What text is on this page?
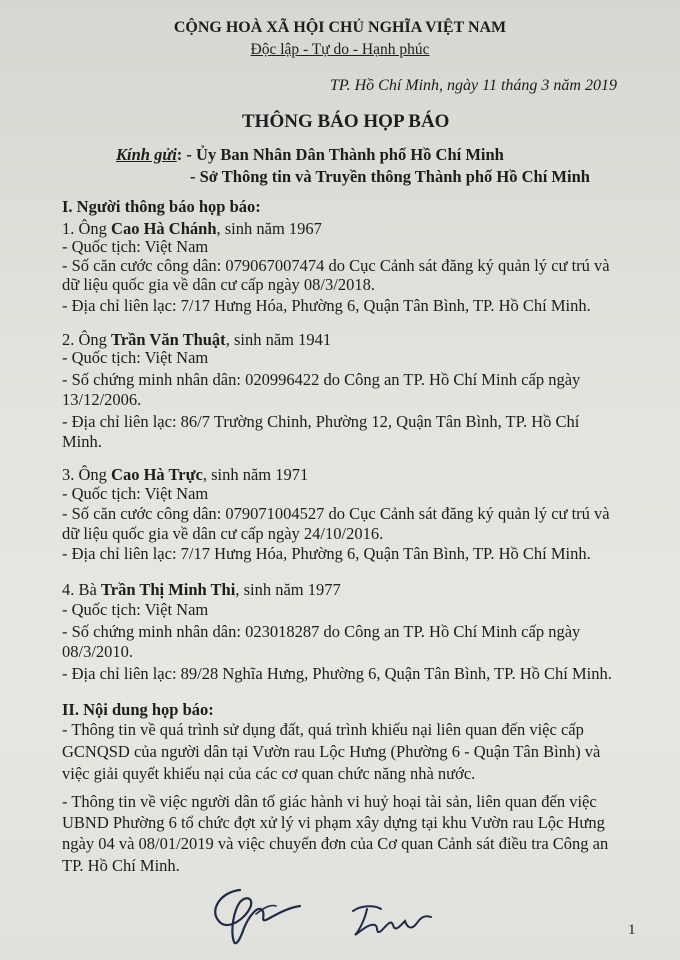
CỘNG HOÀ XÃ HỘI CHỦ NGHĨA VIỆT NAM
Độc lập - Tự do - Hạnh phúc
TP. Hồ Chí Minh, ngày 11 tháng 3 năm 2019
THÔNG BÁO HỌP BÁO
Kính gửi: - Ủy Ban Nhân Dân Thành phố Hồ Chí Minh
- Sở Thông tin và Truyền thông Thành phố Hồ Chí Minh
I. Người thông báo họp báo:
1. Ông Cao Hà Chánh, sinh năm 1967
- Quốc tịch: Việt Nam
- Số căn cước công dân: 079067007474 do Cục Cảnh sát đăng ký quản lý cư trú và
dữ liệu quốc gia về dân cư cấp ngày 08/3/2018.
- Địa chỉ liên lạc: 7/17 Hưng Hóa, Phường 6, Quận Tân Bình, TP. Hồ Chí Minh.
2. Ông Trần Văn Thuật, sinh năm 1941
- Quốc tịch: Việt Nam
- Số chứng minh nhân dân: 020996422 do Công an TP. Hồ Chí Minh cấp ngày
13/12/2006.
- Địa chỉ liên lạc: 86/7 Trường Chinh, Phường 12, Quận Tân Bình, TP. Hồ Chí
Minh.
3. Ông Cao Hà Trực, sinh năm 1971
- Quốc tịch: Việt Nam
- Số căn cước công dân: 079071004527 do Cục Cảnh sát đăng ký quản lý cư trú và
dữ liệu quốc gia về dân cư cấp ngày 24/10/2016.
- Địa chỉ liên lạc: 7/17 Hưng Hóa, Phường 6, Quận Tân Bình, TP. Hồ Chí Minh.
4. Bà Trần Thị Minh Thi, sinh năm 1977
- Quốc tịch: Việt Nam
- Số chứng minh nhân dân: 023018287 do Công an TP. Hồ Chí Minh cấp ngày
08/3/2010.
- Địa chỉ liên lạc: 89/28 Nghĩa Hưng, Phường 6, Quận Tân Bình, TP. Hồ Chí Minh.
II. Nội dung họp báo:
- Thông tin về quá trình sử dụng đất, quá trình khiếu nại liên quan đến việc cấp
GCNQSD của người dân tại Vườn rau Lộc Hưng (Phường 6 - Quận Tân Bình) và
việc giải quyết khiếu nại của các cơ quan chức năng nhà nước.
- Thông tin về việc người dân tố giác hành vi huỷ hoại tài sản, liên quan đến việc
UBND Phường 6 tổ chức đợt xử lý vi phạm xây dựng tại khu Vườn rau Lộc Hưng
ngày 04 và 08/01/2019 và việc chuyển đơn của Cơ quan Cảnh sát điều tra Công an
TP. Hồ Chí Minh.
1
